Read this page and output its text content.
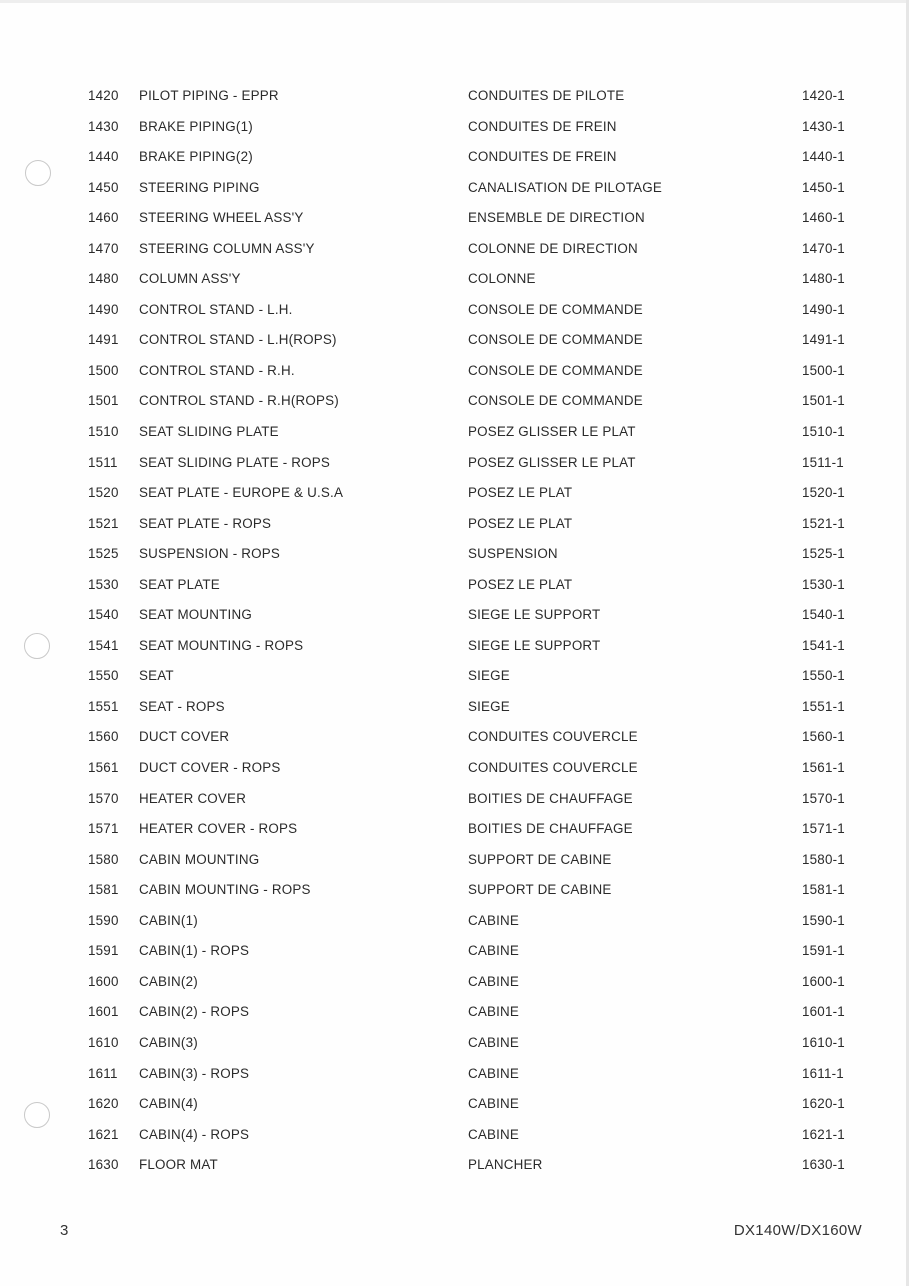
1420 PILOT PIPING - EPPR	CONDUITES DE PILOTE	1420-1
1430 BRAKE PIPING(1)	CONDUITES DE FREIN	1430-1
1440 BRAKE PIPING(2)	CONDUITES DE FREIN	1440-1
1450 STEERING PIPING	CANALISATION DE PILOTAGE	1450-1
1460 STEERING WHEEL ASS'Y	ENSEMBLE DE DIRECTION	1460-1
1470 STEERING COLUMN ASS'Y	COLONNE DE DIRECTION	1470-1
1480 COLUMN ASS'Y	COLONNE	1480-1
1490 CONTROL STAND - L.H.	CONSOLE DE COMMANDE	1490-1
1491 CONTROL STAND - L.H(ROPS)	CONSOLE DE COMMANDE	1491-1
1500 CONTROL STAND - R.H.	CONSOLE DE COMMANDE	1500-1
1501 CONTROL STAND - R.H(ROPS)	CONSOLE DE COMMANDE	1501-1
1510 SEAT SLIDING PLATE	POSEZ GLISSER LE PLAT	1510-1
1511	SEAT SLIDING PLATE - ROPS	POSEZ GLISSER LE PLAT	1511-1
1520 SEAT PLATE - EUROPE & U.S.A	POSEZ LE PLAT	1520-1
1521 SEAT PLATE - ROPS	POSEZ LE PLAT	1521-1
1525 SUSPENSION - ROPS	SUSPENSION	1525-1
1530 SEAT PLATE	POSEZ LE PLAT	1530-1
1540 SEAT MOUNTING	SIEGE LE SUPPORT	1540-1
1541 SEAT MOUNTING - ROPS	SIEGE LE SUPPORT	1541-1
1550 SEAT	SIEGE	1550-1
1551 SEAT - ROPS	SIEGE	1551-1
1560 DUCT COVER	CONDUITES COUVERCLE	1560-1
1561 DUCT COVER - ROPS	CONDUITES COUVERCLE	1561-1
1570 HEATER COVER	BOITIES DE CHAUFFAGE	1570-1
1571 HEATER COVER - ROPS	BOITIES DE CHAUFFAGE	1571-1
1580 CABIN MOUNTING	SUPPORT DE CABINE	1580-1
1581 CABIN MOUNTING - ROPS	SUPPORT DE CABINE	1581-1
1590 CABIN(1)	CABINE	1590-1
1591 CABIN(1) - ROPS	CABINE	1591-1
1600 CABIN(2)	CABINE	1600-1
1601 CABIN(2) - ROPS	CABINE	1601-1
1610 CABIN(3)	CABINE	1610-1
1611	CABIN(3) - ROPS	CABINE	1611-1
1620 CABIN(4)	CABINE	1620-1
1621 CABIN(4) - ROPS	CABINE	1621-1
1630 FLOOR MAT	PLANCHER	1630-1
3	DX140W/DX160W
